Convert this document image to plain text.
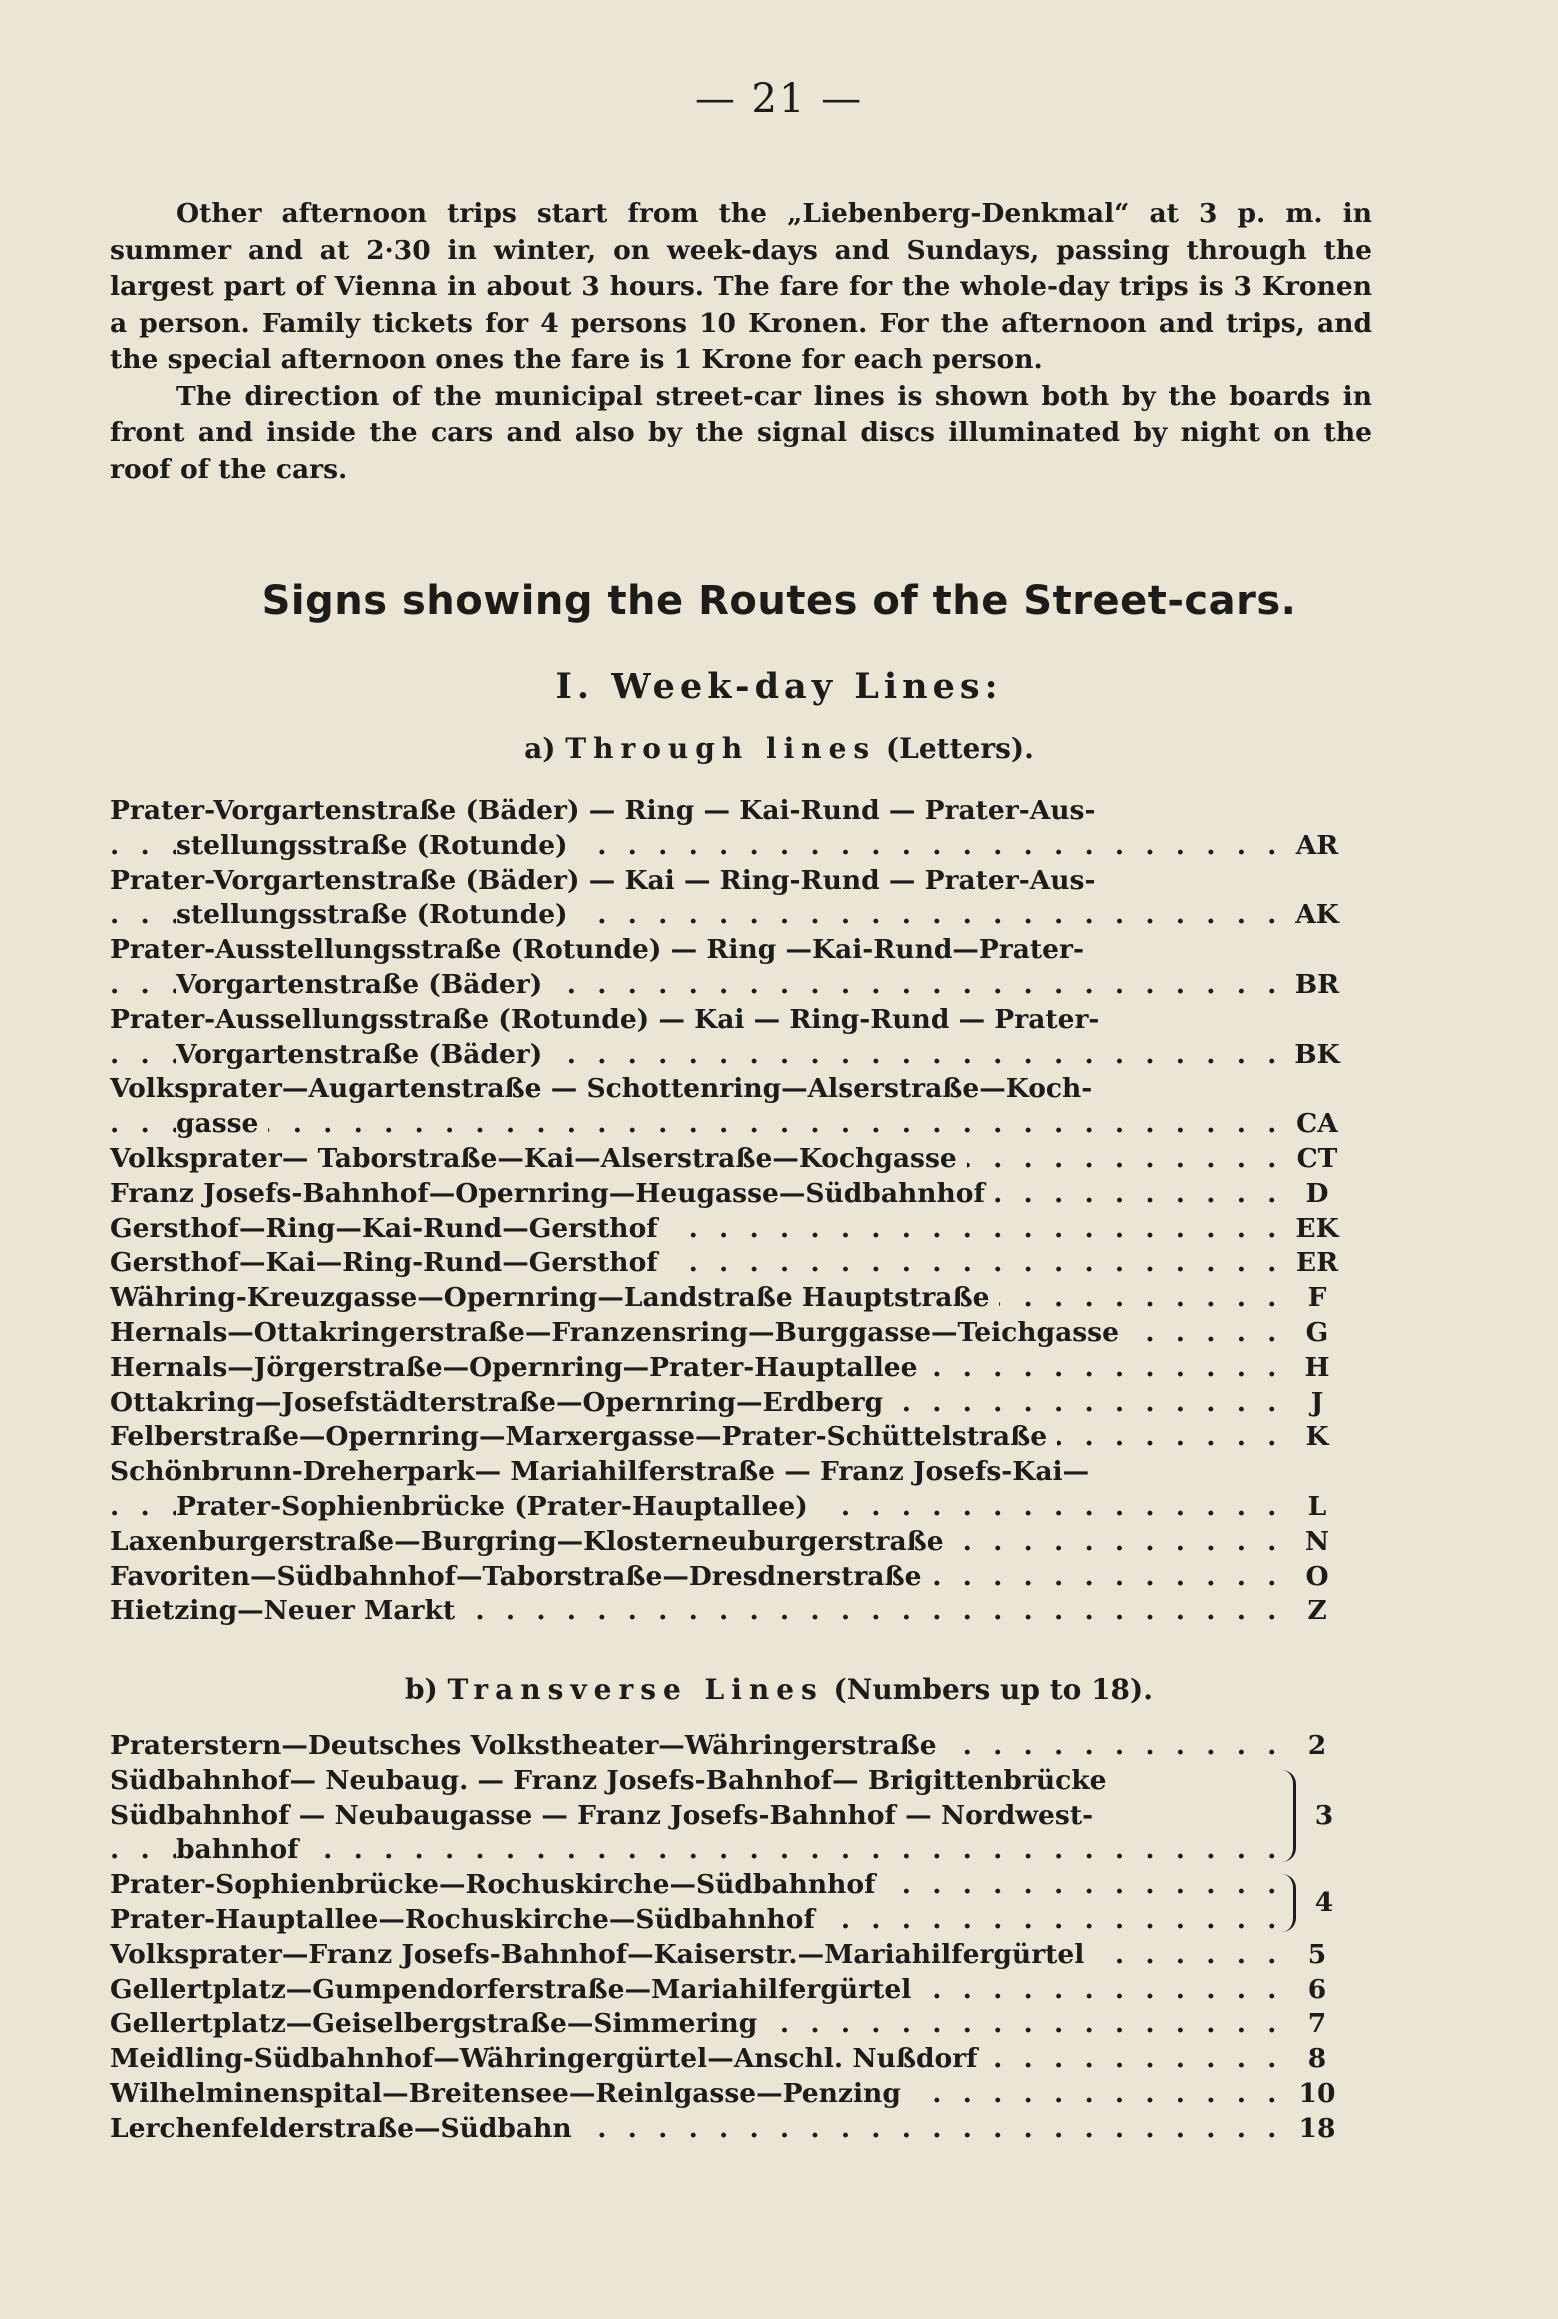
— 21 —

Other afternoon trips start from the „Liebenberg-Denkmal“ at 3 p. m. in summer and at 2·30 in winter, on week-days and Sundays, passing through the largest part of Vienna in about 3 hours. The fare for the whole-day trips is 3 Kronen a person. Family tickets for 4 persons 10 Kronen. For the afternoon and trips, and the special afternoon ones the fare is 1 Krone for each person.

The direction of the municipal street-car lines is shown both by the boards in front and inside the cars and also by the signal discs illuminated by night on the roof of the cars.

Signs showing the Routes of the Street-cars.
I. Week-day Lines:
a) Through lines (Letters).
Prater-Vorgartenstraße (Bäder) — Ring — Kai-Rund — Prater-Aus-
stellungsstraße (Rotunde) . . .	AR
Prater-Vorgartenstraße (Bäder) — Kai — Ring-Rund — Prater-Aus-
stellungsstraße (Rotunde) . . .	AK
Prater-Ausstellungsstraße (Rotunde) — Ring —Kai-Rund—Prater-
Vorgartenstraße (Bäder) . . .	BR
Prater-Aussellungsstraße (Rotunde) — Kai — Ring-Rund — Prater-
Vorgartenstraße (Bäder) . . .	BK
Volksprater—Augartenstraße — Schottenring—Alserstraße—Koch-
gasse . . .	CA
Volksprater— Taborstraße—Kai—Alserstraße—Kochgasse . . .	CT
Franz Josefs-Bahnhof—Opernring—Heugasse—Südbahnhof . . .	D
Gersthof—Ring—Kai-Rund—Gersthof . . .	EK
Gersthof—Kai—Ring-Rund—Gersthof . . .	ER
Währing-Kreuzgasse—Opernring—Landstraße Hauptstraße . . .	F
Hernals—Ottakringerstraße—Franzensring—Burggasse—Teichgasse . . .	G
Hernals—Jörgerstraße—Opernring—Prater-Hauptallee . . .	H
Ottakring—Josefstädterstraße—Opernring—Erdberg . . .	J
Felberstraße—Opernring—Marxergasse—Prater-Schüttelstraße . . .	K
Schönbrunn-Dreherpark— Mariahilferstraße — Franz Josefs-Kai—
Prater-Sophienbrücke (Prater-Hauptallee) . . .	L
Laxenburgerstraße—Burgring—Klosterneuburgerstraße . . .	N
Favoriten—Südbahnhof—Taborstraße—Dresdnerstraße . . .	O
Hietzing—Neuer Markt . . .	Z
b) Transverse Lines (Numbers up to 18).
Praterstern—Deutsches Volkstheater—Währingerstraße . . .	2
Südbahnhof— Neubaug. — Franz Josefs-Bahnhof— Brigittenbrücke
Südbahnhof — Neubaugasse — Franz Josefs-Bahnhof — Nordwest-
bahnhof . . .
3
Prater-Sophienbrücke—Rochuskirche—Südbahnhof . . .
Prater-Hauptallee—Rochuskirche—Südbahnhof . . .
4
Volksprater—Franz Josefs-Bahnhof—Kaiserstr.—Mariahilfergürtel . . .	5
Gellertplatz—Gumpendorferstraße—Mariahilfergürtel . . .	6
Gellertplatz—Geiselbergstraße—Simmering . . .	7
Meidling-Südbahnhof—Währingergürtel—Anschl. Nußdorf . . .	8
Wilhelminenspital—Breitensee—Reinlgasse—Penzing . . .	10
Lerchenfelderstraße—Südbahn . . .	18
